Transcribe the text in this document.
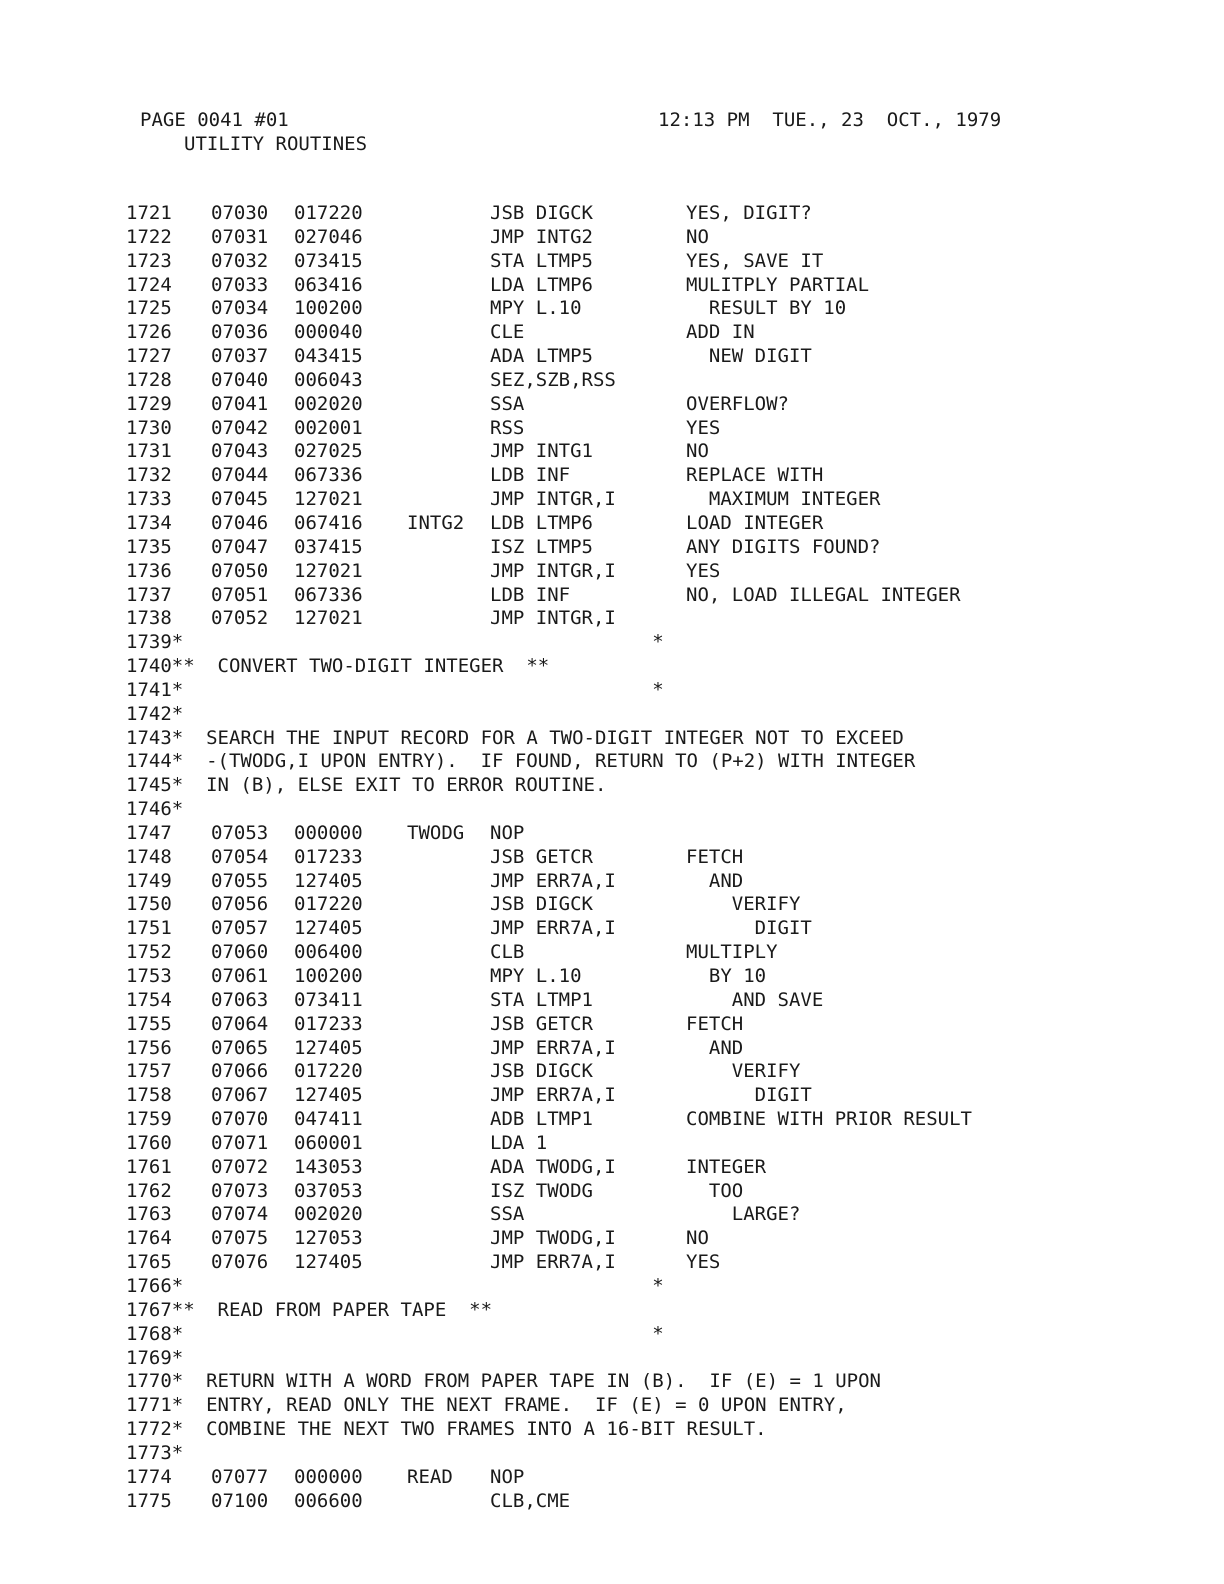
PAGE 0041 #01	12:13 PM  TUE., 23  OCT., 1979
UTILITY ROUTINES
1721 07030 017220	JSB DIGCK	YES, DIGIT?
1722 07031 027046	JMP INTG2	NO
1723 07032 073415	STA LTMP5	YES, SAVE IT
1724 07033 063416	LDA LTMP6	MULITPLY PARTIAL
1725 07034 100200	MPY L.10	RESULT BY 10
1726 07036 000040	CLE	ADD IN
1727 07037 043415	ADA LTMP5	NEW DIGIT
1728 07040 006043	SEZ,SZB,RSS
1729 07041 002020	SSA	OVERFLOW?
1730 07042 002001	RSS	YES
1731 07043 027025	JMP INTG1	NO
1732 07044 067336	LDB INF	REPLACE WITH
1733 07045 127021	JMP INTGR,I	MAXIMUM INTEGER
1734 07046 067416 INTG2 LDB LTMP6	LOAD INTEGER
1735 07047 037415	ISZ LTMP5	ANY DIGITS FOUND?
1736 07050 127021	JMP INTGR,I	YES
1737 07051 067336	LDB INF	NO, LOAD ILLEGAL INTEGER
1738 07052 127021	JMP INTGR,I
1739*                                         *
1740**  CONVERT TWO-DIGIT INTEGER  **
1741*                                         *
1742*
1743*  SEARCH THE INPUT RECORD FOR A TWO-DIGIT INTEGER NOT TO EXCEED
1744*  -(TWODG,I UPON ENTRY).  IF FOUND, RETURN TO (P+2) WITH INTEGER
1745*  IN (B), ELSE EXIT TO ERROR ROUTINE.
1746*
1747 07053 000000 TWODG NOP
1748 07054 017233	JSB GETCR	FETCH
1749 07055 127405	JMP ERR7A,I	AND
1750 07056 017220	JSB DIGCK	VERIFY
1751 07057 127405	JMP ERR7A,I	DIGIT
1752 07060 006400	CLB	MULTIPLY
1753 07061 100200	MPY L.10	BY 10
1754 07063 073411	STA LTMP1	AND SAVE
1755 07064 017233	JSB GETCR	FETCH
1756 07065 127405	JMP ERR7A,I	AND
1757 07066 017220	JSB DIGCK	VERIFY
1758 07067 127405	JMP ERR7A,I	DIGIT
1759 07070 047411	ADB LTMP1	COMBINE WITH PRIOR RESULT
1760 07071 060001	LDA 1
1761 07072 143053	ADA TWODG,I	INTEGER
1762 07073 037053	ISZ TWODG	TOO
1763 07074 002020	SSA	LARGE?
1764 07075 127053	JMP TWODG,I	NO
1765 07076 127405	JMP ERR7A,I	YES
1766*                                         *
1767**  READ FROM PAPER TAPE  **
1768*                                         *
1769*
1770*  RETURN WITH A WORD FROM PAPER TAPE IN (B).  IF (E) = 1 UPON
1771*  ENTRY, READ ONLY THE NEXT FRAME.  IF (E) = 0 UPON ENTRY,
1772*  COMBINE THE NEXT TWO FRAMES INTO A 16-BIT RESULT.
1773*
1774 07077 000000 READ NOP
1775 07100 006600	CLB,CME
